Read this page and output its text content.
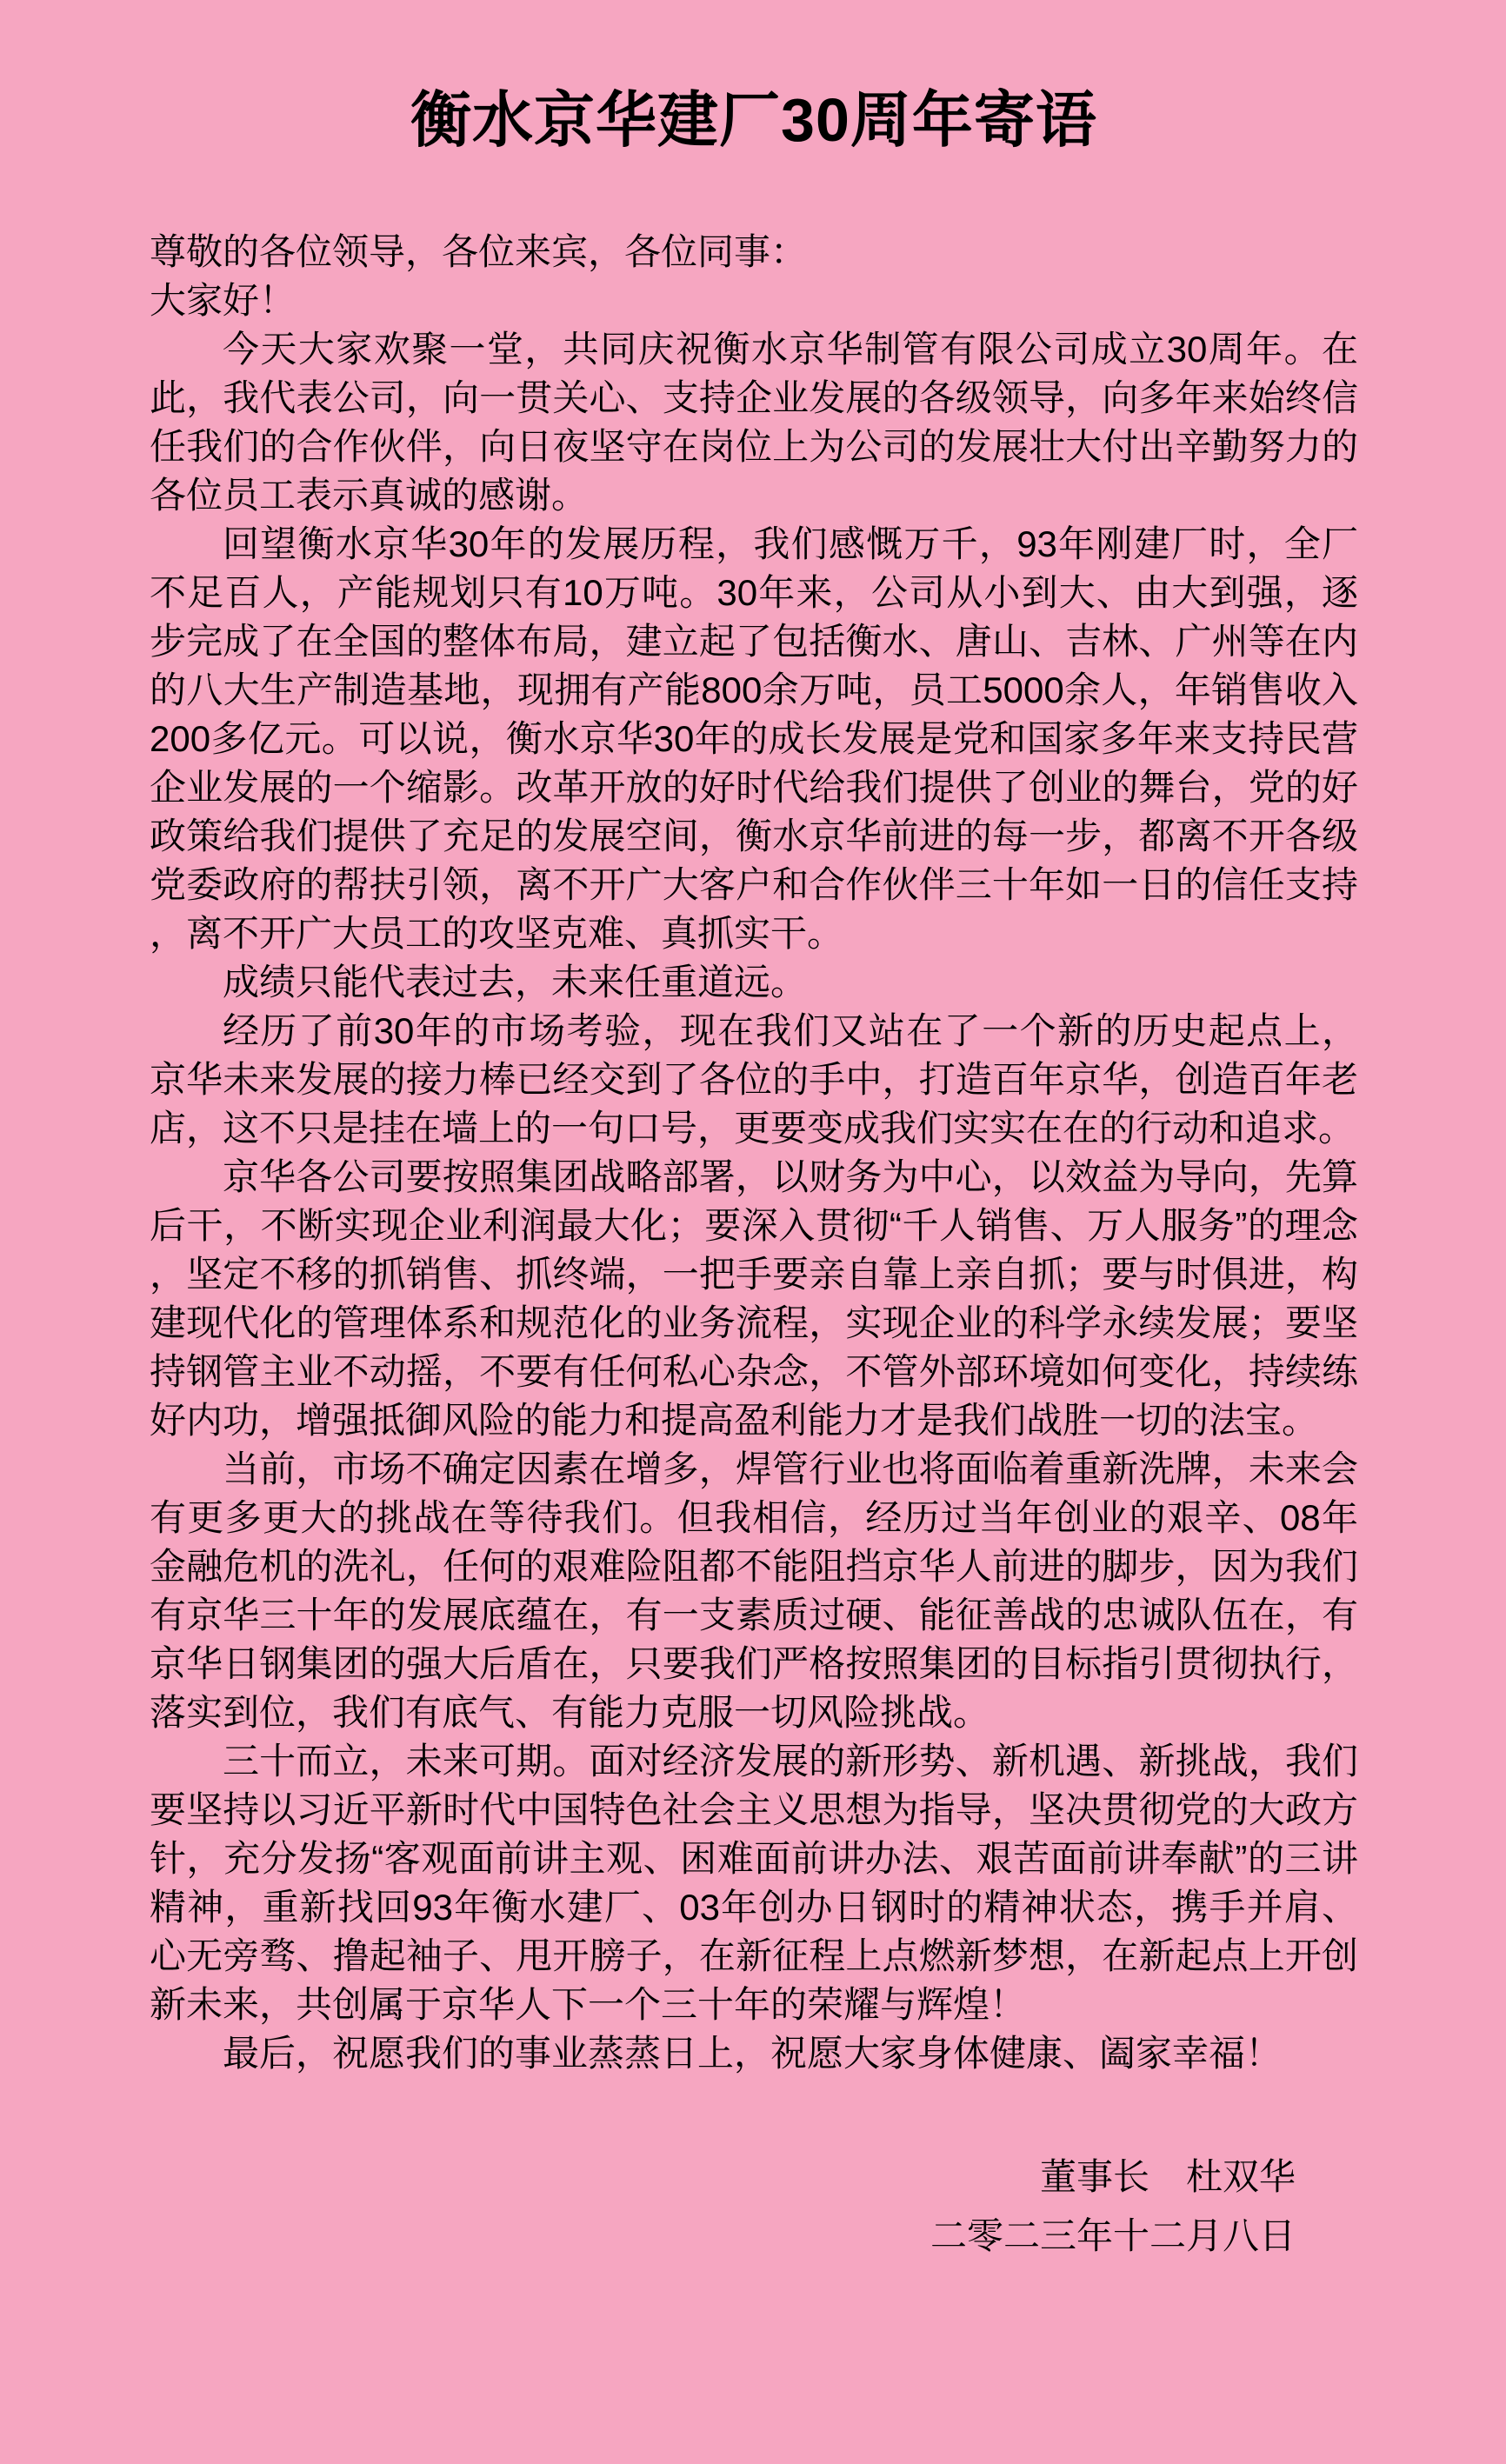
衡水京华建厂30周年寄语

尊敬的各位领导，各位来宾，各位同事：

大家好！

今天大家欢聚一堂，共同庆祝衡水京华制管有限公司成立30周年。在此，我代表公司，向一贯关心、支持企业发展的各级领导，向多年来始终信任我们的合作伙伴，向日夜坚守在岗位上为公司的发展壮大付出辛勤努力的各位员工表示真诚的感谢。

回望衡水京华30年的发展历程，我们感慨万千，93年刚建厂时，全厂不足百人，产能规划只有10万吨。30年来，公司从小到大、由大到强，逐步完成了在全国的整体布局，建立起了包括衡水、唐山、吉林、广州等在内的八大生产制造基地，现拥有产能800余万吨，员工5000余人，年销售收入200多亿元。可以说，衡水京华30年的成长发展是党和国家多年来支持民营企业发展的一个缩影。改革开放的好时代给我们提供了创业的舞台，党的好政策给我们提供了充足的发展空间，衡水京华前进的每一步，都离不开各级党委政府的帮扶引领，离不开广大客户和合作伙伴三十年如一日的信任支持，离不开广大员工的攻坚克难、真抓实干。

成绩只能代表过去，未来任重道远。

经历了前30年的市场考验，现在我们又站在了一个新的历史起点上，京华未来发展的接力棒已经交到了各位的手中，打造百年京华，创造百年老店，这不只是挂在墙上的一句口号，更要变成我们实实在在的行动和追求。

京华各公司要按照集团战略部署，以财务为中心，以效益为导向，先算后干，不断实现企业利润最大化；要深入贯彻“千人销售、万人服务”的理念，坚定不移的抓销售、抓终端，一把手要亲自靠上亲自抓；要与时俱进，构建现代化的管理体系和规范化的业务流程，实现企业的科学永续发展；要坚持钢管主业不动摇，不要有任何私心杂念，不管外部环境如何变化，持续练好内功，增强抵御风险的能力和提高盈利能力才是我们战胜一切的法宝。

当前，市场不确定因素在增多，焊管行业也将面临着重新洗牌，未来会有更多更大的挑战在等待我们。但我相信，经历过当年创业的艰辛、08年金融危机的洗礼，任何的艰难险阻都不能阻挡京华人前进的脚步，因为我们有京华三十年的发展底蕴在，有一支素质过硬、能征善战的忠诚队伍在，有京华日钢集团的强大后盾在，只要我们严格按照集团的目标指引贯彻执行，落实到位，我们有底气、有能力克服一切风险挑战。

三十而立，未来可期。面对经济发展的新形势、新机遇、新挑战，我们要坚持以习近平新时代中国特色社会主义思想为指导，坚决贯彻党的大政方针，充分发扬“客观面前讲主观、困难面前讲办法、艰苦面前讲奉献”的三讲精神，重新找回93年衡水建厂、03年创办日钢时的精神状态，携手并肩、心无旁骛、撸起袖子、甩开膀子，在新征程上点燃新梦想，在新起点上开创新未来，共创属于京华人下一个三十年的荣耀与辉煌！

最后，祝愿我们的事业蒸蒸日上，祝愿大家身体健康、阖家幸福！

董事长　杜双华
二零二三年十二月八日
